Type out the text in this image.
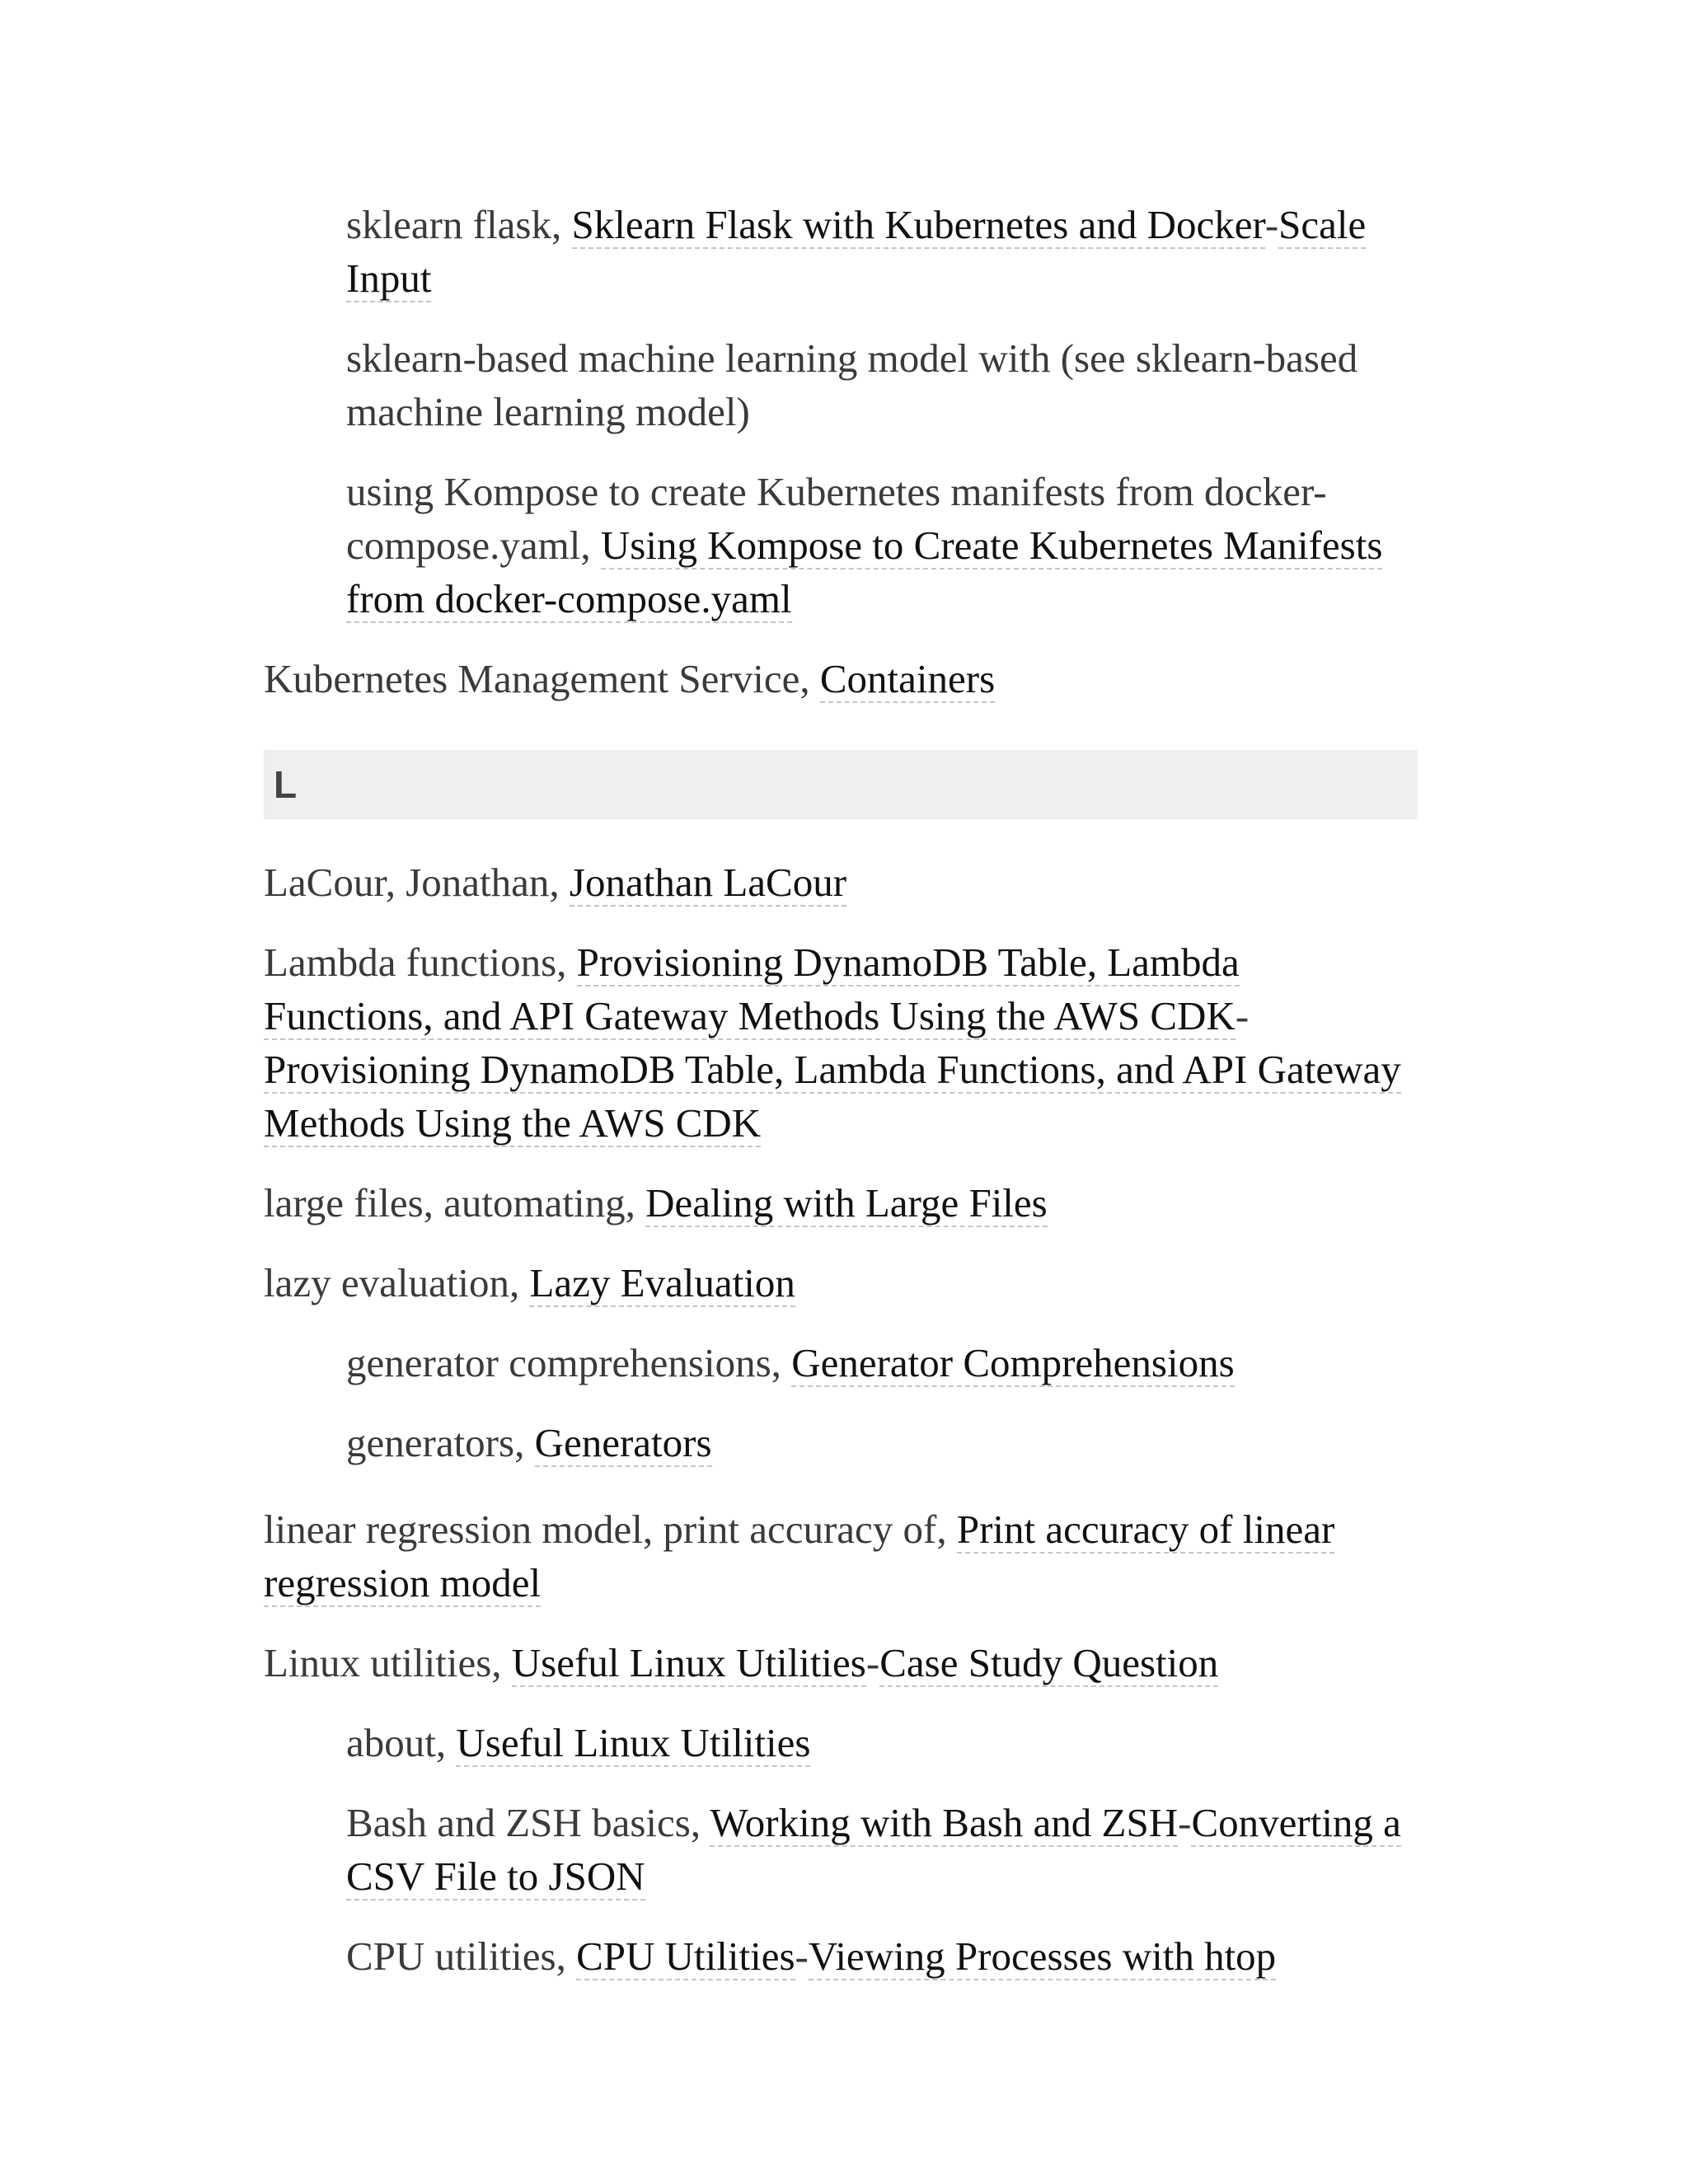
sklearn flask, Sklearn Flask with Kubernetes and Docker-Scale Input

sklearn-based machine learning model with (see sklearn-based machine learning model)

using Kompose to create Kubernetes manifests from docker-compose.yaml, Using Kompose to Create Kubernetes Manifests from docker-compose.yaml

Kubernetes Management Service, Containers

L

LaCour, Jonathan, Jonathan LaCour

Lambda functions, Provisioning DynamoDB Table, Lambda Functions, and API Gateway Methods Using the AWS CDK-Provisioning DynamoDB Table, Lambda Functions, and API Gateway Methods Using the AWS CDK

large files, automating, Dealing with Large Files

lazy evaluation, Lazy Evaluation

generator comprehensions, Generator Comprehensions

generators, Generators

linear regression model, print accuracy of, Print accuracy of linear regression model

Linux utilities, Useful Linux Utilities-Case Study Question

about, Useful Linux Utilities

Bash and ZSH basics, Working with Bash and ZSH-Converting a CSV File to JSON

CPU utilities, CPU Utilities-Viewing Processes with htop
